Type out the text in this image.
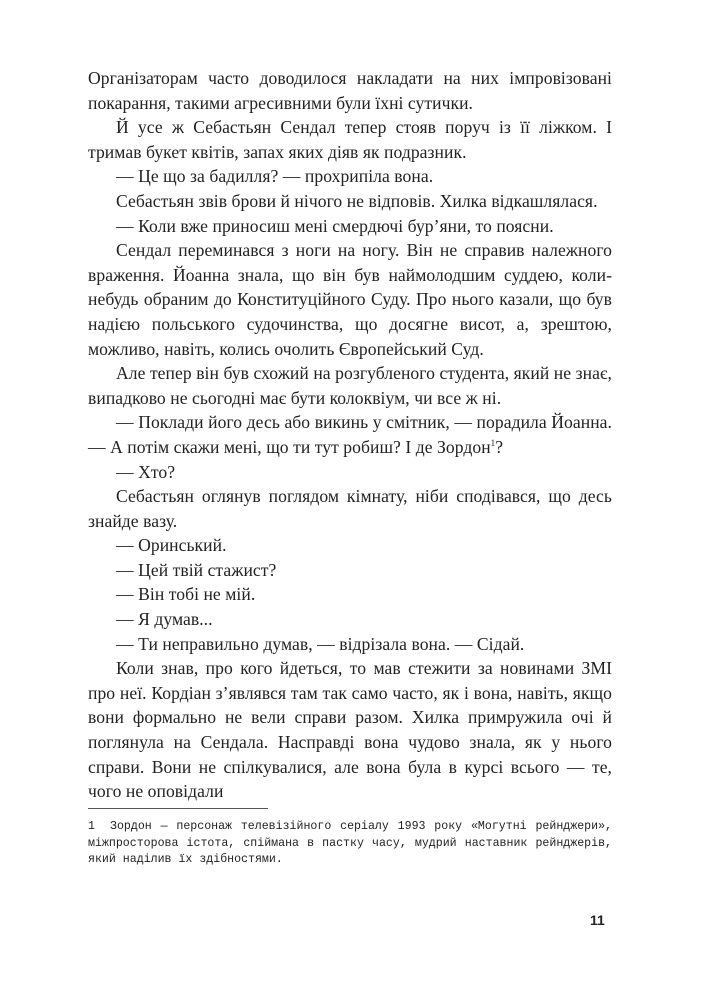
Організаторам часто доводилося накладати на них імпровізовані покарання, такими агресивними були їхні сутички.

Й усе ж Себастьян Сендал тепер стояв поруч із її ліжком. І тримав букет квітів, запах яких діяв як подразник.

— Це що за бадилля? — прохрипіла вона.

Себастьян звів брови й нічого не відповів. Хилка відкашлялася.

— Коли вже приносиш мені смердючі бур’яни, то поясни.

Сендал переминався з ноги на ногу. Він не справив належного враження. Йоанна знала, що він був наймолодшим суддею, коли-небудь обраним до Конституційного Суду. Про нього казали, що був надією польського судочинства, що досягне висот, а, зрештою, можливо, навіть, колись очолить Європейський Суд.

Але тепер він був схожий на розгубленого студента, який не знає, випадково не сьогодні має бути колоквіум, чи все ж ні.

— Поклади його десь або викинь у смітник, — порадила Йоанна. — А потім скажи мені, що ти тут робиш? І де Зордон$^1$?

— Хто?

Себастьян оглянув поглядом кімнату, ніби сподівався, що десь знайде вазу.

— Оринський.

— Цей твій стажист?

— Він тобі не мій.

— Я думав...

— Ти неправильно думав, — відрізала вона. — Сідай.

Коли знав, про кого йдеться, то мав стежити за новинами ЗМІ про неї. Кордіан з’являвся там так само часто, як і вона, навіть, якщо вони формально не вели справи разом. Хилка примружила очі й поглянула на Сендала. Насправді вона чудово знала, як у нього справи. Вони не спілкувалися, але вона була в курсі всього — те, чого не оповідали

1 Зордон — персонаж телевізійного серіалу 1993 року «Могутні рейнджери», міжпросторова істота, спіймана в пастку часу, мудрий наставник рейнджерів, який наділив їх здібностями.

11
